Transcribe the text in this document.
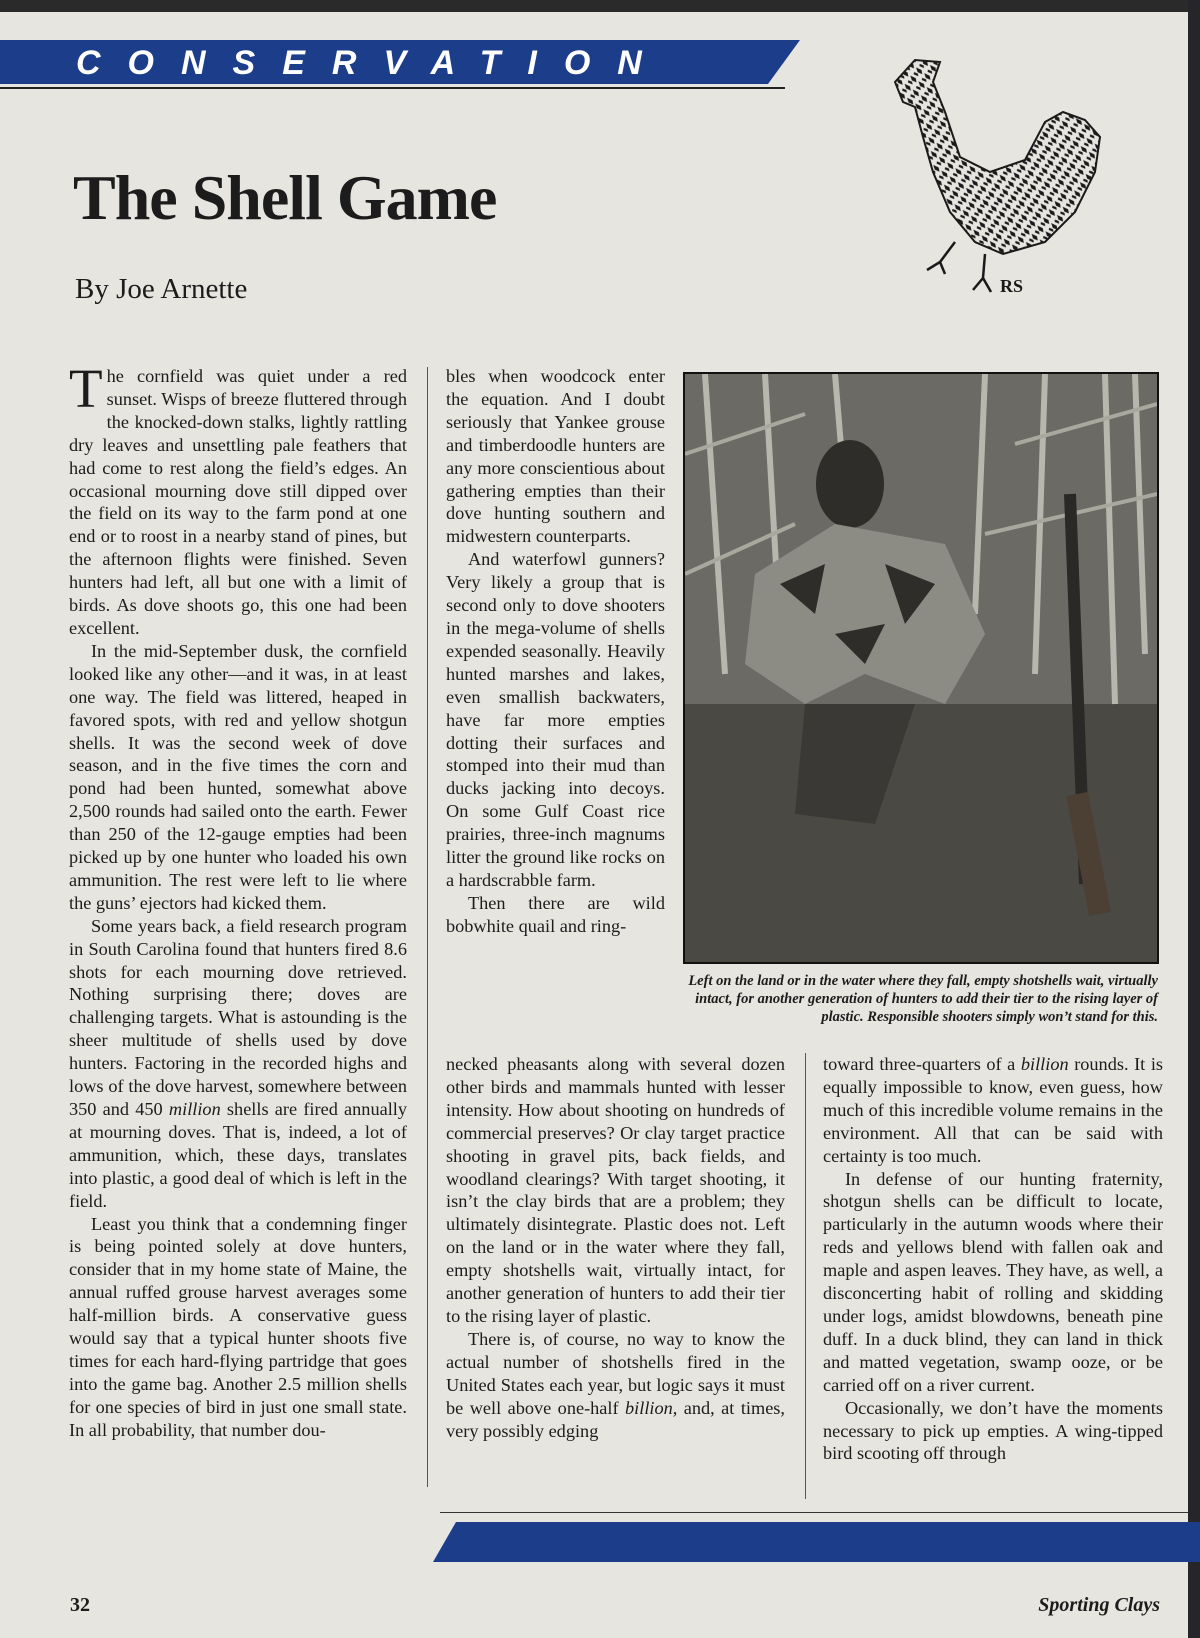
CONSERVATION
The Shell Game
By Joe Arnette	RS

The cornfield was quiet under a red sunset. Wisps of breeze fluttered through the knocked-down stalks, lightly rattling dry leaves and unsettling pale feathers that had come to rest along the field’s edges. An occasional mourning dove still dipped over the field on its way to the farm pond at one end or to roost in a nearby stand of pines, but the afternoon flights were finished. Seven hunters had left, all but one with a limit of birds. As dove shoots go, this one had been excellent.

In the mid-September dusk, the cornfield looked like any other—and it was, in at least one way. The field was littered, heaped in favored spots, with red and yellow shotgun shells. It was the second week of dove season, and in the five times the corn and pond had been hunted, somewhat above 2,500 rounds had sailed onto the earth. Fewer than 250 of the 12-gauge empties had been picked up by one hunter who loaded his own ammunition. The rest were left to lie where the guns’ ejectors had kicked them.

Some years back, a field research program in South Carolina found that hunters fired 8.6 shots for each mourning dove retrieved. Nothing surprising there; doves are challenging targets. What is astounding is the sheer multitude of shells used by dove hunters. Factoring in the recorded highs and lows of the dove harvest, somewhere between 350 and 450 million shells are fired annually at mourning doves. That is, indeed, a lot of ammunition, which, these days, translates into plastic, a good deal of which is left in the field.

Least you think that a condemning finger is being pointed solely at dove hunters, consider that in my home state of Maine, the annual ruffed grouse harvest averages some half-million birds. A conservative guess would say that a typical hunter shoots five times for each hard-flying partridge that goes into the game bag. Another 2.5 million shells for one species of bird in just one small state. In all probability, that number dou-

bles when woodcock enter the equation. And I doubt seriously that Yankee grouse and timberdoodle hunters are any more conscientious about gathering empties than their dove hunting southern and midwestern counterparts.

And waterfowl gunners? Very likely a group that is second only to dove shooters in the mega-volume of shells expended seasonally. Heavily hunted marshes and lakes, even smallish backwaters, have far more empties dotting their surfaces and stomped into their mud than ducks jacking into decoys. On some Gulf Coast rice prairies, three-inch magnums litter the ground like rocks on a hardscrabble farm.

Then there are wild bobwhite quail and ring-

Left on the land or in the water where they fall, empty shotshells wait, virtually intact, for another generation of hunters to add their tier to the rising layer of plastic. Responsible shooters simply won’t stand for this.

necked pheasants along with several dozen other birds and mammals hunted with lesser intensity. How about shooting on hundreds of commercial preserves? Or clay target practice shooting in gravel pits, back fields, and woodland clearings? With target shooting, it isn’t the clay birds that are a problem; they ultimately disintegrate. Plastic does not. Left on the land or in the water where they fall, empty shotshells wait, virtually intact, for another generation of hunters to add their tier to the rising layer of plastic.

There is, of course, no way to know the actual number of shotshells fired in the United States each year, but logic says it must be well above one-half billion, and, at times, very possibly edging

toward three-quarters of a billion rounds. It is equally impossible to know, even guess, how much of this incredible volume remains in the environment. All that can be said with certainty is too much.

In defense of our hunting fraternity, shotgun shells can be difficult to locate, particularly in the autumn woods where their reds and yellows blend with fallen oak and maple and aspen leaves. They have, as well, a disconcerting habit of rolling and skidding under logs, amidst blowdowns, beneath pine duff. In a duck blind, they can land in thick and matted vegetation, swamp ooze, or be carried off on a river current.

Occasionally, we don’t have the moments necessary to pick up empties. A wing-tipped bird scooting off through

32	Sporting Clays
